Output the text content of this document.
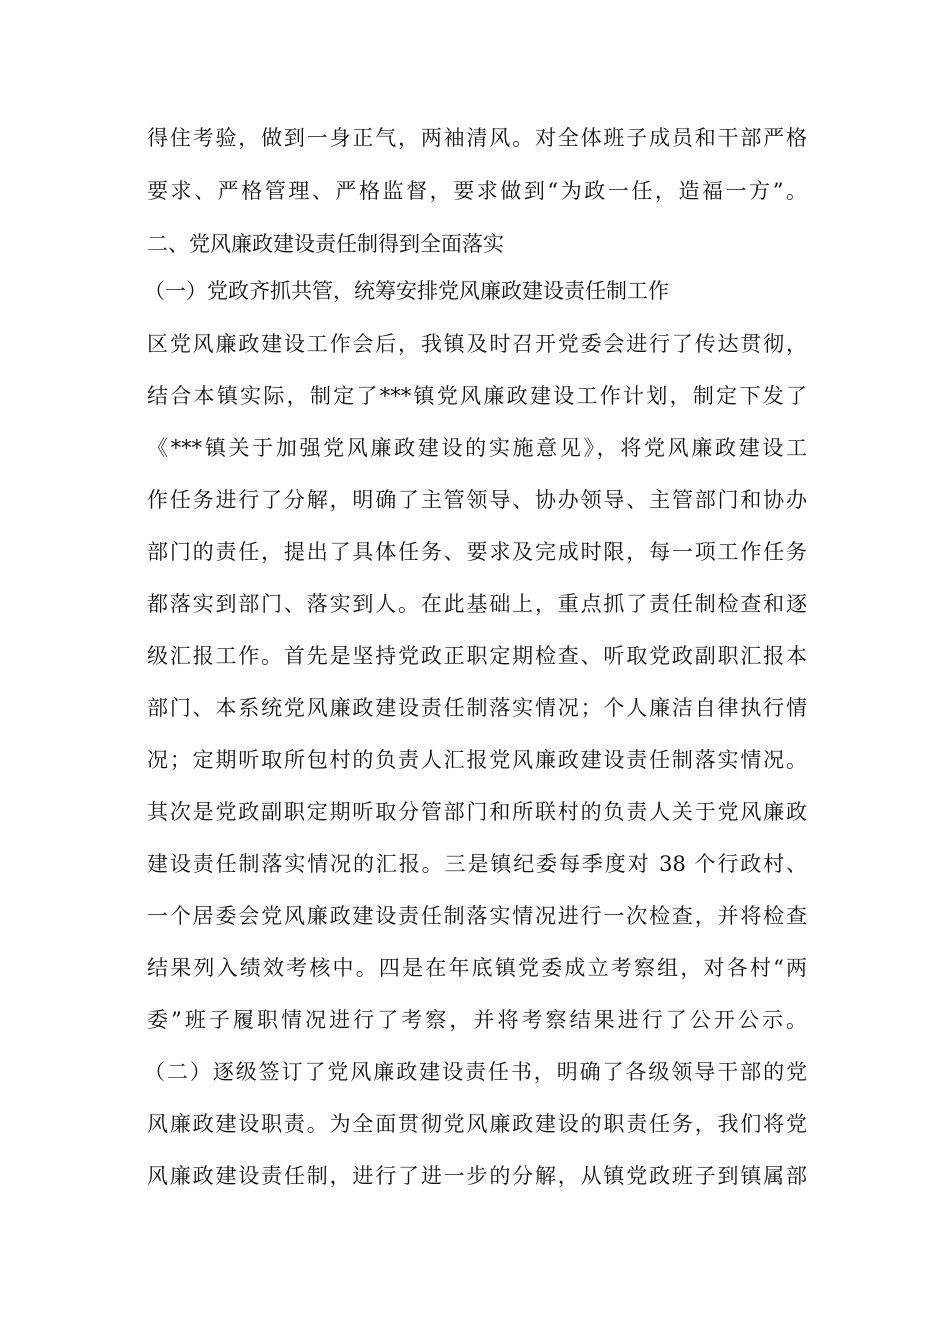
得住考验，做到一身正气，两袖清风。对全体班子成员和干部严格
要求、严格管理、严格监督，要求做到“为政一任，造福一方”。
二、党风廉政建设责任制得到全面落实
（一）党政齐抓共管，统筹安排党风廉政建设责任制工作
区党风廉政建设工作会后，我镇及时召开党委会进行了传达贯彻，
结合本镇实际，制定了***镇党风廉政建设工作计划，制定下发了
《***镇关于加强党风廉政建设的实施意见》，将党风廉政建设工
作任务进行了分解，明确了主管领导、协办领导、主管部门和协办
部门的责任，提出了具体任务、要求及完成时限，每一项工作任务
都落实到部门、落实到人。在此基础上，重点抓了责任制检查和逐
级汇报工作。首先是坚持党政正职定期检查、听取党政副职汇报本
部门、本系统党风廉政建设责任制落实情况；个人廉洁自律执行情
况；定期听取所包村的负责人汇报党风廉政建设责任制落实情况。
其次是党政副职定期听取分管部门和所联村的负责人关于党风廉政
建设责任制落实情况的汇报。三是镇纪委每季度对 38 个行政村、
一个居委会党风廉政建设责任制落实情况进行一次检查，并将检查
结果列入绩效考核中。四是在年底镇党委成立考察组，对各村“两
委”班子履职情况进行了考察，并将考察结果进行了公开公示。
（二）逐级签订了党风廉政建设责任书，明确了各级领导干部的党
风廉政建设职责。为全面贯彻党风廉政建设的职责任务，我们将党
风廉政建设责任制，进行了进一步的分解，从镇党政班子到镇属部
